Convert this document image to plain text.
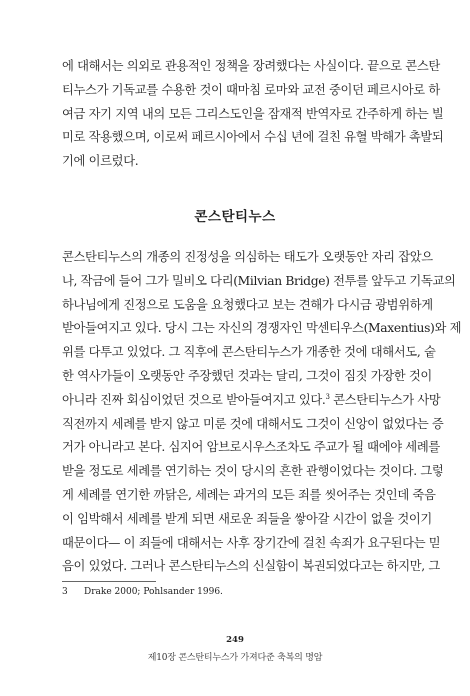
에 대해서는 의외로 관용적인 정책을 장려했다는 사실이다. 끝으로 콘스탄
티누스가 기독교를 수용한 것이 때마침 로마와 교전 중이던 페르시아로 하
여금 자기 지역 내의 모든 그리스도인을 잠재적 반역자로 간주하게 하는 빌
미로 작용했으며, 이로써 페르시아에서 수십 년에 걸친 유혈 박해가 촉발되
기에 이르렀다.

콘스탄티누스

콘스탄티누스의 개종의 진정성을 의심하는 태도가 오랫동안 자리 잡았으
나, 작금에 들어 그가 밀비오 다리(Milvian Bridge) 전투를 앞두고 기독교의
하나님에게 진정으로 도움을 요청했다고 보는 견해가 다시금 광범위하게
받아들여지고 있다. 당시 그는 자신의 경쟁자인 막센티우스(Maxentius)와 제
위를 다투고 있었다. 그 직후에 콘스탄티누스가 개종한 것에 대해서도, 숱
한 역사가들이 오랫동안 주장했던 것과는 달리, 그것이 짐짓 가장한 것이
아니라 진짜 회심이었던 것으로 받아들여지고 있다.$^3$ 콘스탄티누스가 사망
직전까지 세례를 받지 않고 미룬 것에 대해서도 그것이 신앙이 없었다는 증
거가 아니라고 본다. 심지어 암브로시우스조차도 주교가 될 때에야 세례를
받을 정도로 세례를 연기하는 것이 당시의 흔한 관행이었다는 것이다. 그렇
게 세례를 연기한 까닭은, 세례는 과거의 모든 죄를 씻어주는 것인데 죽음
이 임박해서 세례를 받게 되면 새로운 죄들을 쌓아갈 시간이 없을 것이기
때문이다— 이 죄들에 대해서는 사후 장기간에 걸친 속죄가 요구된다는 믿
음이 있었다. 그러나 콘스탄티누스의 신실함이 복권되었다고는 하지만, 그

3 Drake 2000; Pohlsander 1996.
249
제10장 콘스탄티누스가 가져다준 축복의 명암
